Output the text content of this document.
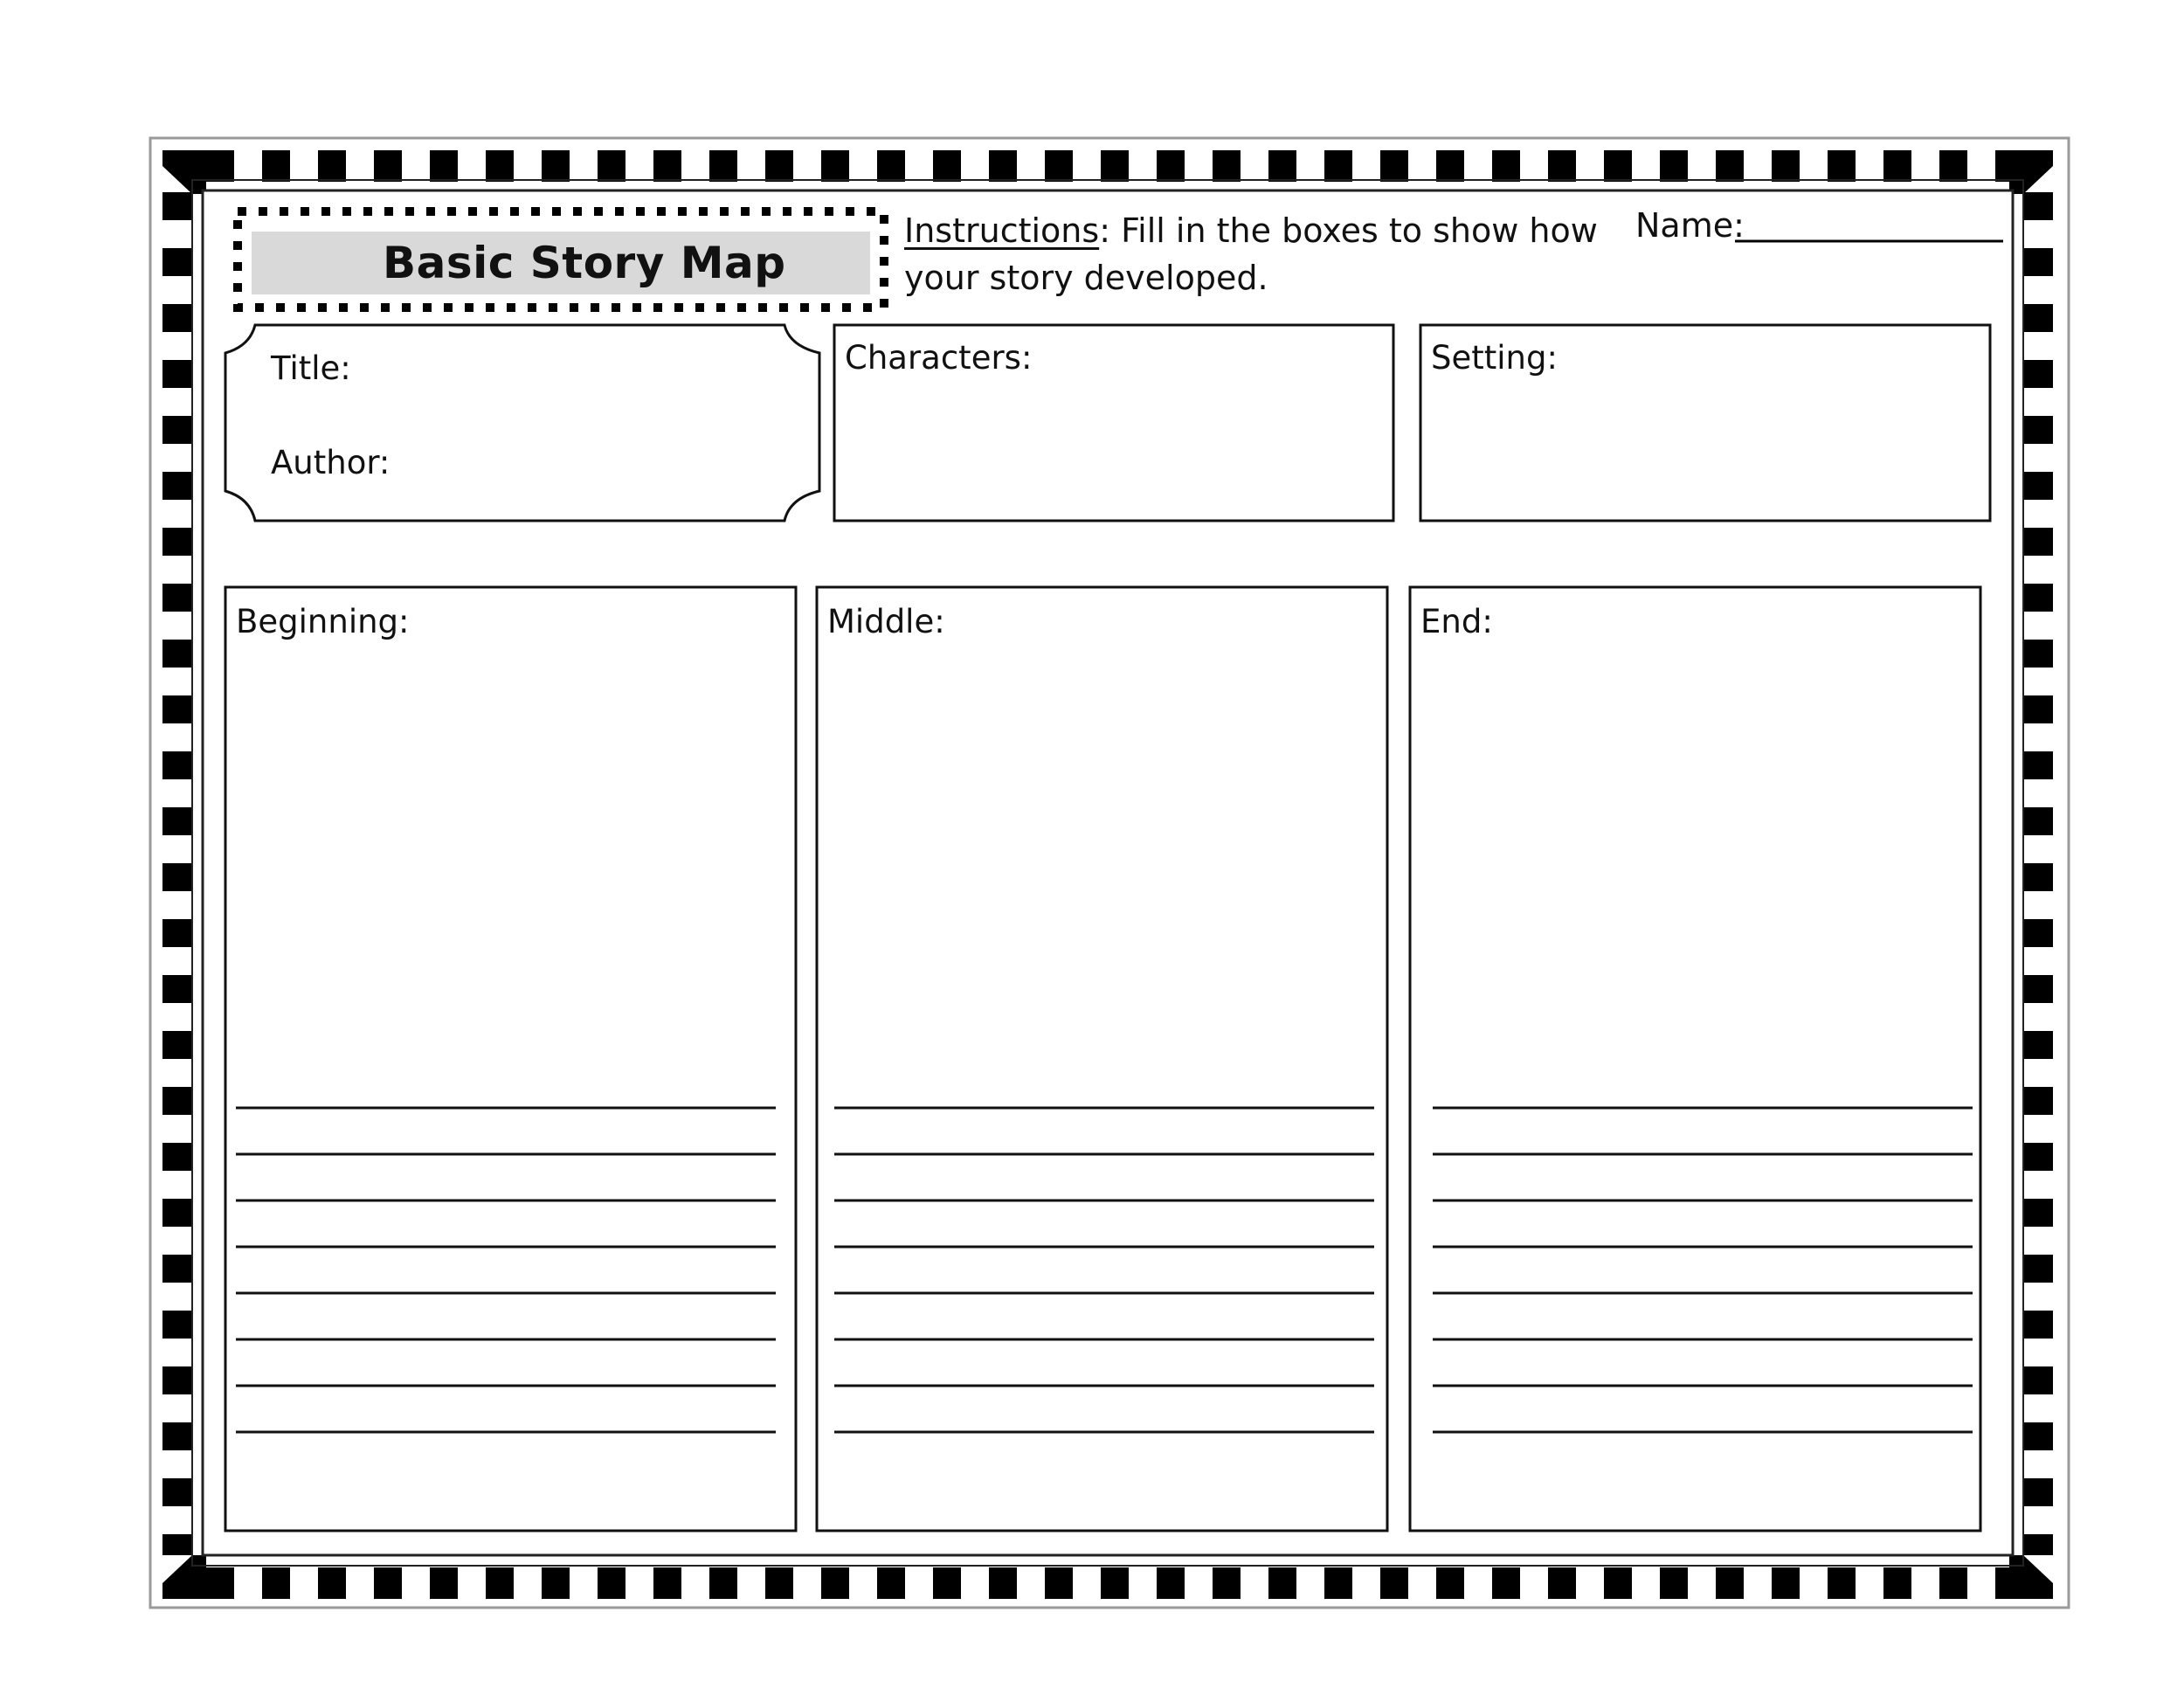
Basic Story Map
Instructions: Fill in the boxes to show how
your story developed.
Name:
Title:
Author:
Characters:	Setting:
Beginning:	Middle:	End:
